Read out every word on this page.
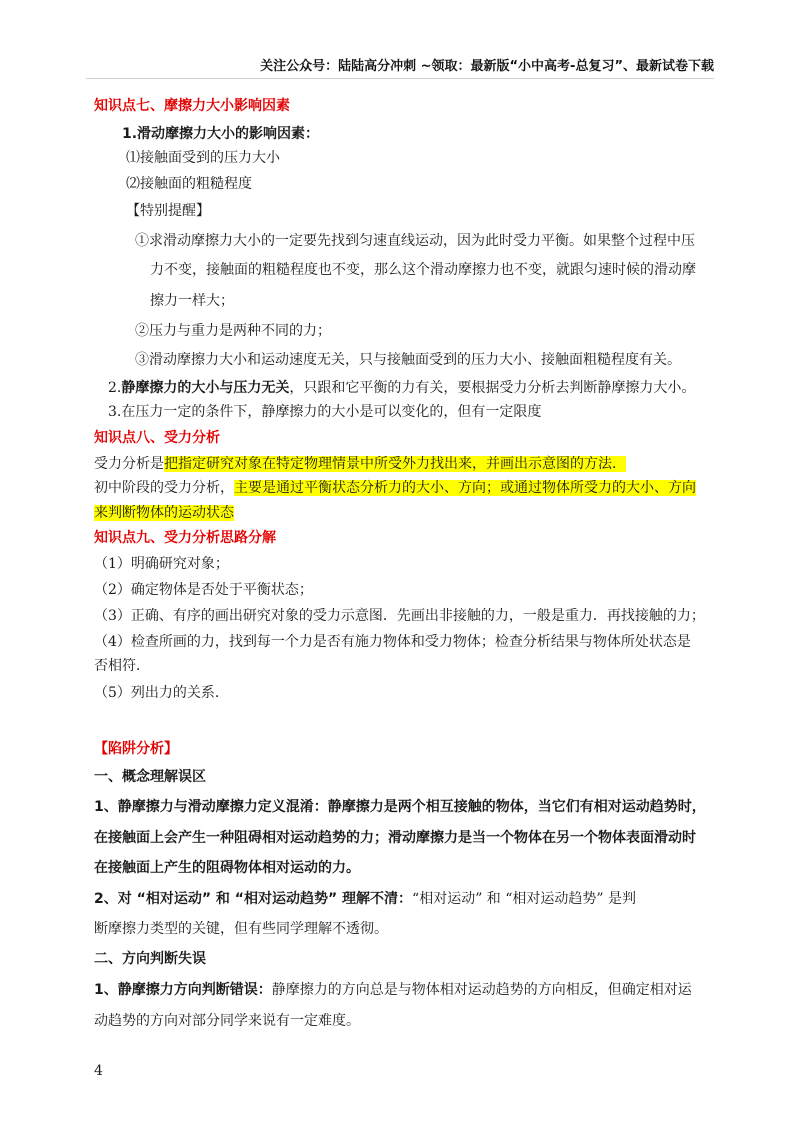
关注公众号：陆陆高分冲刺 ~领取：最新版“小中高考-总复习”、最新试卷下载
知识点七、摩擦力大小影响因素
1.滑动摩擦力大小的影响因素：
⑴接触面受到的压力大小
⑵接触面的粗糙程度
【特别提醒】
①求滑动摩擦力大小的一定要先找到匀速直线运动，因为此时受力平衡。如果整个过程中压
力不变，接触面的粗糙程度也不变，那么这个滑动摩擦力也不变，就跟匀速时候的滑动摩
擦力一样大；
②压力与重力是两种不同的力；
③滑动摩擦力大小和运动速度无关，只与接触面受到的压力大小、接触面粗糙程度有关。
2.静摩擦力的大小与压力无关，只跟和它平衡的力有关，要根据受力分析去判断静摩擦力大小。
3.在压力一定的条件下，静摩擦力的大小是可以变化的，但有一定限度
知识点八、受力分析
受力分析是把指定研究对象在特定物理情景中所受外力找出来，并画出示意图的方法．
初中阶段的受力分析，主要是通过平衡状态分析力的大小、方向；或通过物体所受力的大小、方向
来判断物体的运动状态
知识点九、受力分析思路分解
（1）明确研究对象；
（2）确定物体是否处于平衡状态；
（3）正确、有序的画出研究对象的受力示意图．先画出非接触的力，一般是重力．再找接触的力；
（4）检查所画的力，找到每一个力是否有施力物体和受力物体；检查分析结果与物体所处状态是
否相符．
（5）列出力的关系．
【陷阱分析】
一、概念理解误区
1、静摩擦力与滑动摩擦力定义混淆：静摩擦力是两个相互接触的物体，当它们有相对运动趋势时，
在接触面上会产生一种阻碍相对运动趋势的力；滑动摩擦力是当一个物体在另一个物体表面滑动时
在接触面上产生的阻碍物体相对运动的力。
2、对 “相对运动” 和 “相对运动趋势” 理解不清：“相对运动” 和 “相对运动趋势” 是判
断摩擦力类型的关键，但有些同学理解不透彻。
二、方向判断失误
1、静摩擦力方向判断错误：静摩擦力的方向总是与物体相对运动趋势的方向相反，但确定相对运
动趋势的方向对部分同学来说有一定难度。
4
